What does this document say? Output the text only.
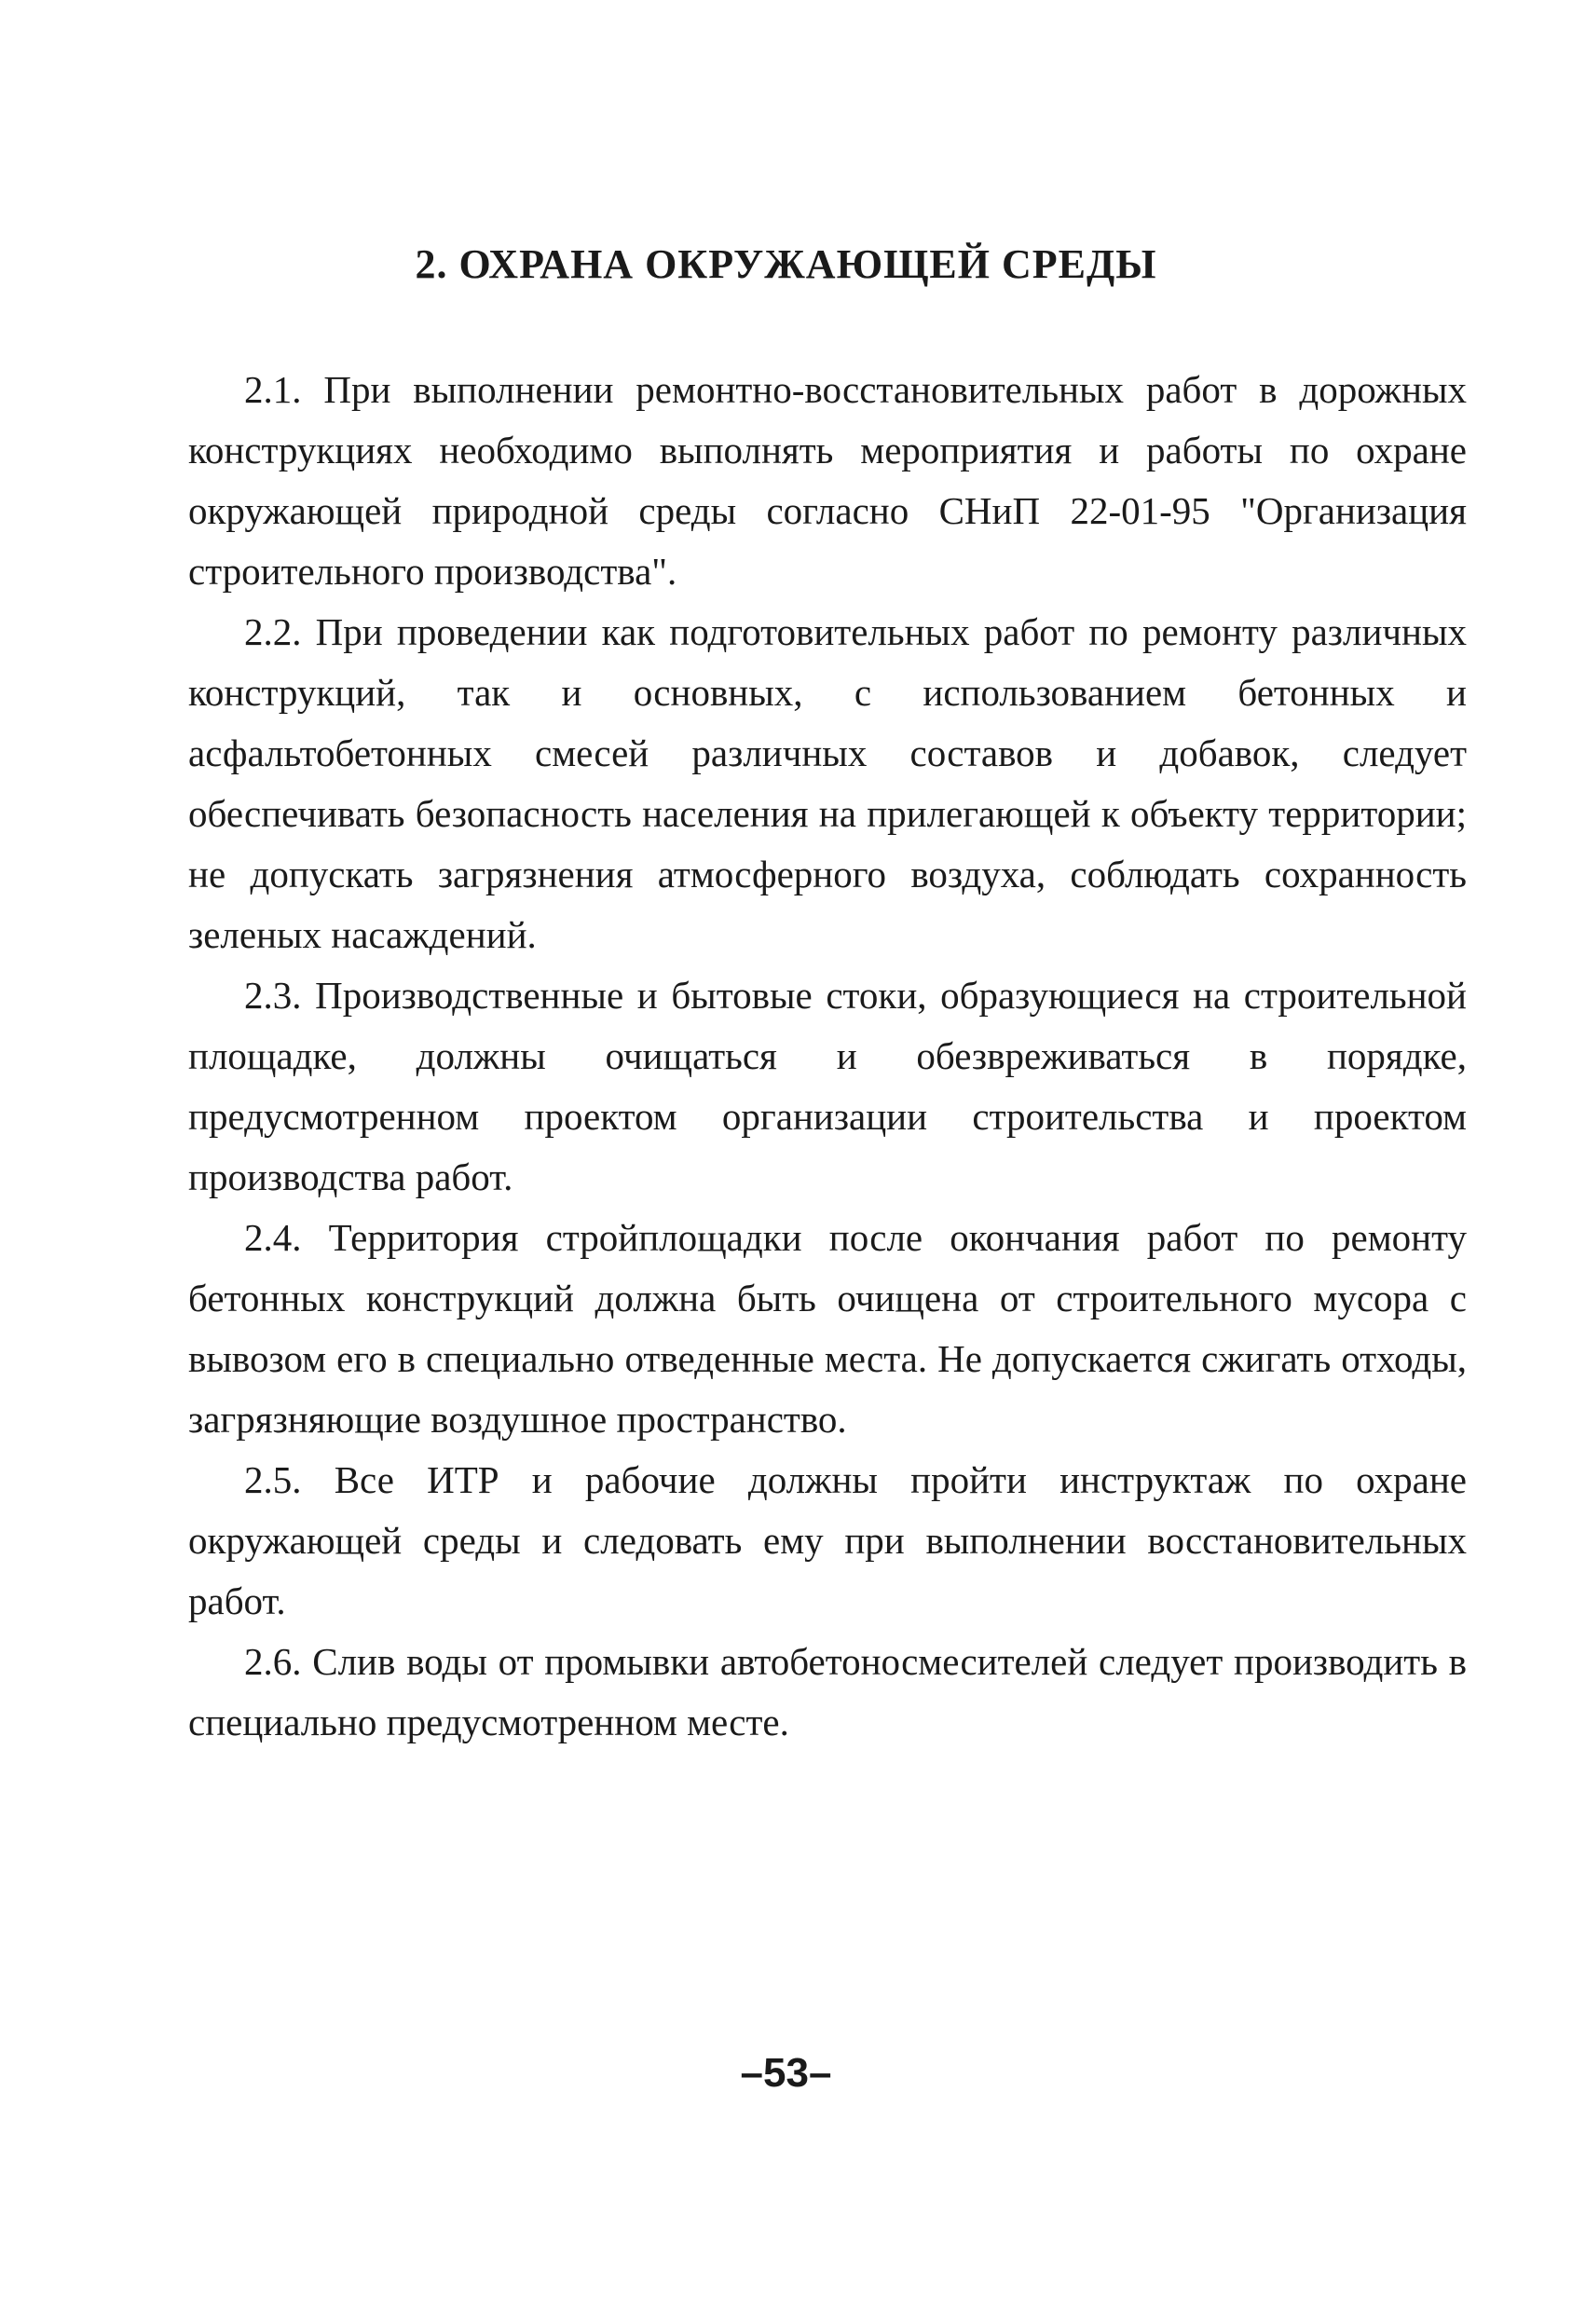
2. ОХРАНА ОКРУЖАЮЩЕЙ СРЕДЫ

2.1. При выполнении ремонтно-восстановительных работ в дорожных конструкциях необходимо выполнять мероприятия и работы по охране окружающей природной среды согласно СНиП 22-01-95 "Организация строительного производства".

2.2. При проведении как подготовительных работ по ремонту различных конструкций, так и основных, с использованием бетонных и асфальтобетонных смесей различных составов и добавок, следует обеспечивать безопасность населения на прилегающей к объекту территории; не допускать загрязнения атмосферного воздуха, соблюдать сохранность зеленых насаждений.

2.3. Производственные и бытовые стоки, образующиеся на строительной площадке, должны очищаться и обезвреживаться в порядке, предусмотренном проектом организации строительства и проектом производства работ.

2.4. Территория стройплощадки после окончания работ по ремонту бетонных конструкций должна быть очищена от строительного мусора с вывозом его в специально отведенные места. Не допускается сжигать отходы, загрязняющие воздушное пространство.

2.5. Все ИТР и рабочие должны пройти инструктаж по охране окружающей среды и следовать ему при выполнении восстановительных работ.

2.6. Слив воды от промывки автобетоносмесителей следует производить в специально предусмотренном месте.

–53–
